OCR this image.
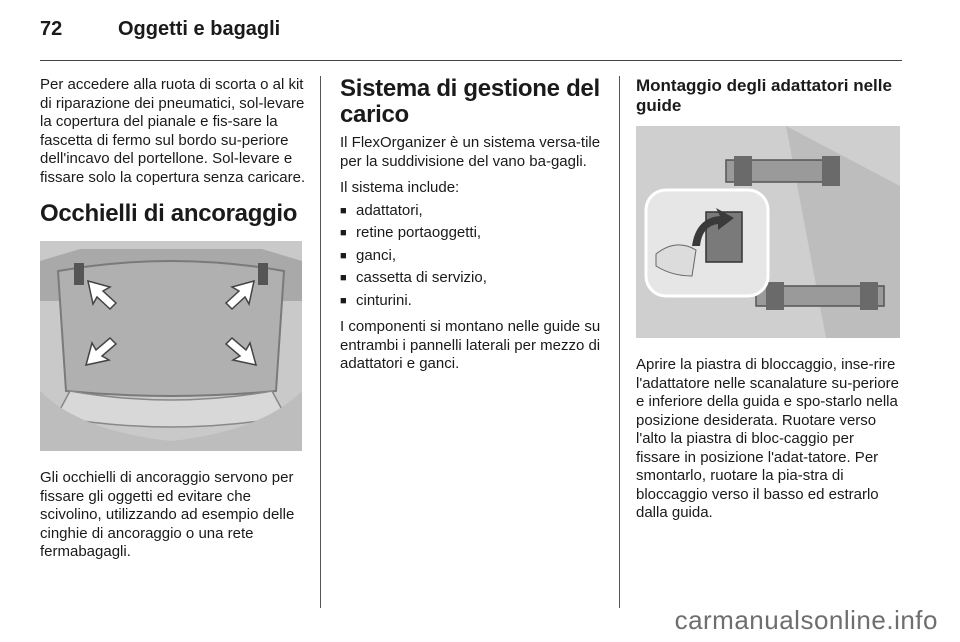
72	Oggetti e bagagli

Per accedere alla ruota di scorta o al kit di riparazione dei pneumatici, sol-levare la copertura del pianale e fis-sare la fascetta di fermo sul bordo su-periore dell'incavo del portellone. Sol-levare e fissare solo la copertura senza caricare.

Occhielli di ancoraggio

Gli occhielli di ancoraggio servono per fissare gli oggetti ed evitare che scivolino, utilizzando ad esempio delle cinghie di ancoraggio o una rete fermabagagli.

Sistema di gestione del carico

Il FlexOrganizer è un sistema versa-tile per la suddivisione del vano ba-gagli.

Il sistema include:

■ adattatori,
■ retine portaoggetti,
■ ganci,
■ cassetta di servizio,
■ cinturini.

I componenti si montano nelle guide su entrambi i pannelli laterali per mezzo di adattatori e ganci.

Montaggio degli adattatori nelle guide

Aprire la piastra di bloccaggio, inse-rire l'adattatore nelle scanalature su-periore e inferiore della guida e spo-starlo nella posizione desiderata. Ruotare verso l'alto la piastra di bloc-caggio per fissare in posizione l'adat-tatore. Per smontarlo, ruotare la pia-stra di bloccaggio verso il basso ed estrarlo dalla guida.

carmanualsonline.info
